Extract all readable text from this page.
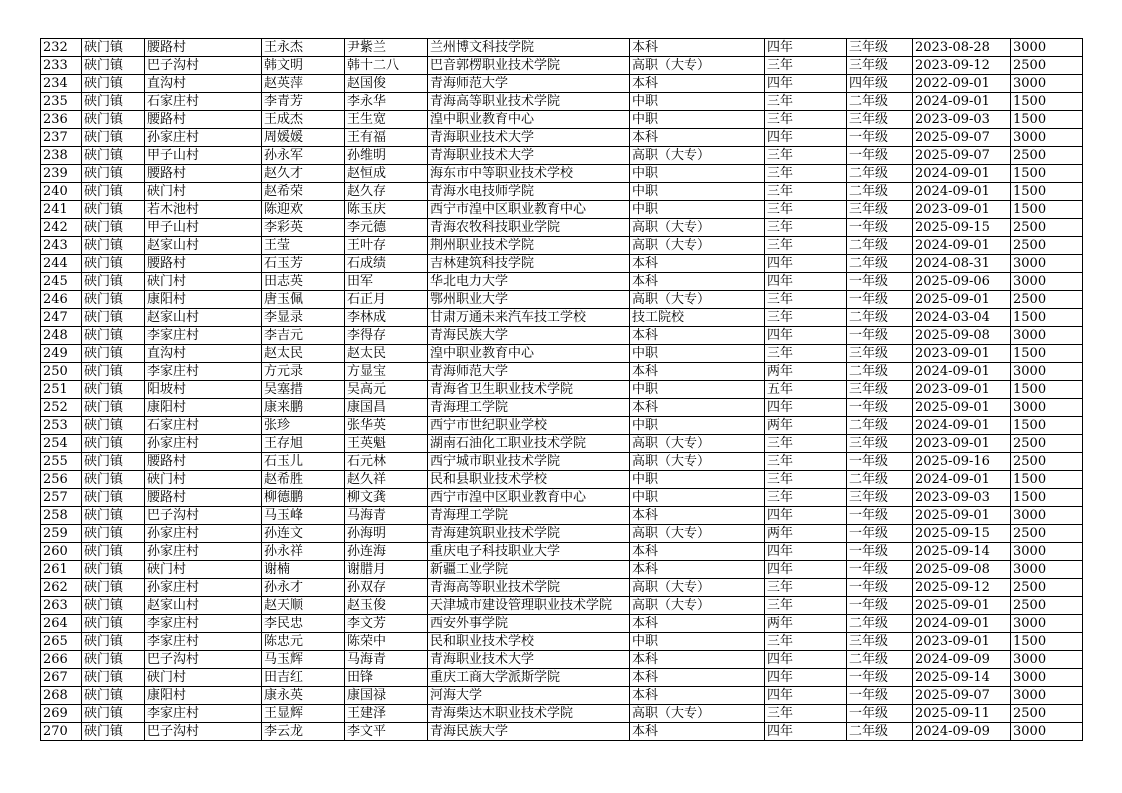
232	硖门镇	腰路村	王永杰	尹紫兰	兰州博文科技学院	本科	四年	三年级	2023-08-28	3000
233	硖门镇	巴子沟村	韩文明	韩十二八	巴音郭楞职业技术学院	高职（大专）	三年	三年级	2023-09-12	2500
234	硖门镇	直沟村	赵英萍	赵国俊	青海师范大学	本科	四年	四年级	2022-09-01	3000
235	硖门镇	石家庄村	李青芳	李永华	青海高等职业技术学院	中职	三年	二年级	2024-09-01	1500
236	硖门镇	腰路村	王成杰	王生宽	湟中职业教育中心	中职	三年	三年级	2023-09-03	1500
237	硖门镇	孙家庄村	周媛媛	王有福	青海职业技术大学	本科	四年	一年级	2025-09-07	3000
238	硖门镇	甲子山村	孙永军	孙维明	青海职业技术大学	高职（大专）	三年	一年级	2025-09-07	2500
239	硖门镇	腰路村	赵久才	赵恒成	海东市中等职业技术学校	中职	三年	二年级	2024-09-01	1500
240	硖门镇	硖门村	赵希荣	赵久存	青海水电技师学院	中职	三年	二年级	2024-09-01	1500
241	硖门镇	若木池村	陈迎欢	陈玉庆	西宁市湟中区职业教育中心	中职	三年	三年级	2023-09-01	1500
242	硖门镇	甲子山村	李彩英	李元德	青海农牧科技职业学院	高职（大专）	三年	一年级	2025-09-15	2500
243	硖门镇	赵家山村	王莹	王叶存	荆州职业技术学院	高职（大专）	三年	二年级	2024-09-01	2500
244	硖门镇	腰路村	石玉芳	石成绩	吉林建筑科技学院	本科	四年	二年级	2024-08-31	3000
245	硖门镇	硖门村	田志英	田军	华北电力大学	本科	四年	一年级	2025-09-06	3000
246	硖门镇	康阳村	唐玉佩	石正月	鄂州职业大学	高职（大专）	三年	一年级	2025-09-01	2500
247	硖门镇	赵家山村	李显录	李林成	甘肃万通未来汽车技工学校	技工院校	三年	二年级	2024-03-04	1500
248	硖门镇	李家庄村	李吉元	李得存	青海民族大学	本科	四年	一年级	2025-09-08	3000
249	硖门镇	直沟村	赵太民	赵太民	湟中职业教育中心	中职	三年	三年级	2023-09-01	1500
250	硖门镇	李家庄村	方元录	方显宝	青海师范大学	本科	两年	二年级	2024-09-01	3000
251	硖门镇	阳坡村	吴塞措	吴高元	青海省卫生职业技术学院	中职	五年	三年级	2023-09-01	1500
252	硖门镇	康阳村	康来鹏	康国昌	青海理工学院	本科	四年	一年级	2025-09-01	3000
253	硖门镇	石家庄村	张珍	张华英	西宁市世纪职业学校	中职	两年	二年级	2024-09-01	1500
254	硖门镇	孙家庄村	王存旭	王英魁	湖南石油化工职业技术学院	高职（大专）	三年	三年级	2023-09-01	2500
255	硖门镇	腰路村	石玉儿	石元林	西宁城市职业技术学院	高职（大专）	三年	一年级	2025-09-16	2500
256	硖门镇	硖门村	赵希胜	赵久祥	民和县职业技术学校	中职	三年	二年级	2024-09-01	1500
257	硖门镇	腰路村	柳德鹏	柳文龚	西宁市湟中区职业教育中心	中职	三年	三年级	2023-09-03	1500
258	硖门镇	巴子沟村	马玉峰	马海青	青海理工学院	本科	四年	一年级	2025-09-01	3000
259	硖门镇	孙家庄村	孙连文	孙海明	青海建筑职业技术学院	高职（大专）	两年	一年级	2025-09-15	2500
260	硖门镇	孙家庄村	孙永祥	孙连海	重庆电子科技职业大学	本科	四年	一年级	2025-09-14	3000
261	硖门镇	硖门村	谢楠	谢腊月	新疆工业学院	本科	四年	一年级	2025-09-08	3000
262	硖门镇	孙家庄村	孙永才	孙双存	青海高等职业技术学院	高职（大专）	三年	一年级	2025-09-12	2500
263	硖门镇	赵家山村	赵天顺	赵玉俊	天津城市建设管理职业技术学院	高职（大专）	三年	一年级	2025-09-01	2500
264	硖门镇	李家庄村	李民忠	李文芳	西安外事学院	本科	两年	二年级	2024-09-01	3000
265	硖门镇	李家庄村	陈忠元	陈荣中	民和职业技术学校	中职	三年	三年级	2023-09-01	1500
266	硖门镇	巴子沟村	马玉辉	马海青	青海职业技术大学	本科	四年	二年级	2024-09-09	3000
267	硖门镇	硖门村	田吉红	田锋	重庆工商大学派斯学院	本科	四年	一年级	2025-09-14	3000
268	硖门镇	康阳村	康永英	康国禄	河海大学	本科	四年	一年级	2025-09-07	3000
269	硖门镇	李家庄村	王显辉	王建泽	青海柴达木职业技术学院	高职（大专）	三年	一年级	2025-09-11	2500
270	硖门镇	巴子沟村	李云龙	李文平	青海民族大学	本科	四年	二年级	2024-09-09	3000
